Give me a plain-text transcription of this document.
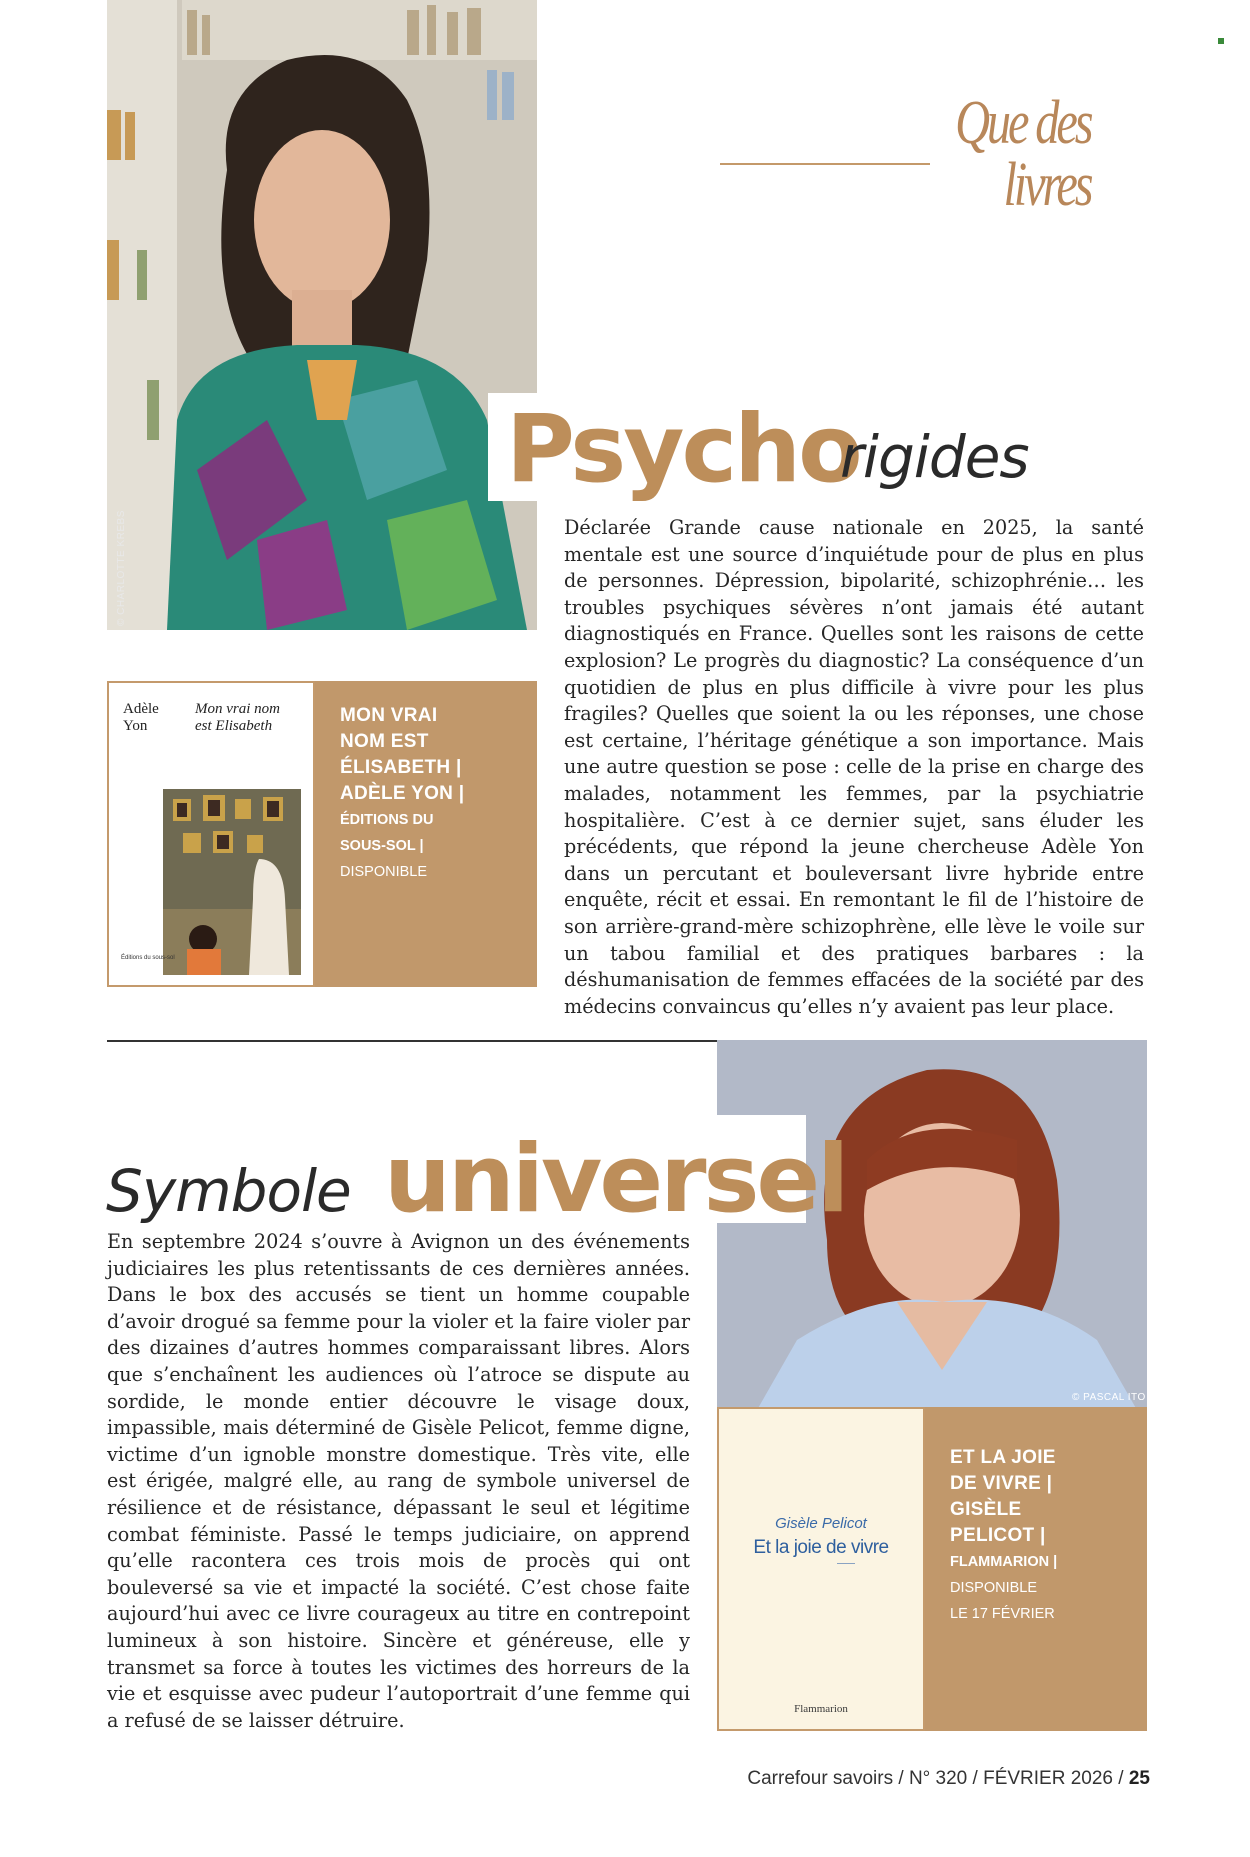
Que des livres
© CHARLOTTE KREBS
Psycho
rigides
Déclarée Grande cause nationale en 2025, la santé mentale est une source d’inquiétude pour de plus en plus de personnes. Dépression, bipolarité, schizophrénie… les troubles psychiques sévères n’ont jamais été autant diagnostiqués en France. Quelles sont les raisons de cette explosion? Le progrès du diagnostic? La conséquence d’un quotidien de plus en plus difficile à vivre pour les plus fragiles? Quelles que soient la ou les réponses, une chose est certaine, l’héritage génétique a son importance. Mais une autre question se pose : celle de la prise en charge des malades, notamment les femmes, par la psychiatrie hospitalière. C’est à ce dernier sujet, sans éluder les précédents, que répond la jeune chercheuse Adèle Yon dans un percutant et bouleversant livre hybride entre enquête, récit et essai. En remontant le fil de l’histoire de son arrière-grand-mère schizophrène, elle lève le voile sur un tabou familial et des pratiques barbares : la déshumanisation de femmes effacées de la société par des médecins convaincus qu’elles n’y avaient pas leur place.
Adèle
Yon
Mon vrai nom
est Elisabeth
Éditions du sous-sol
MON VRAI
NOM EST
ÉLISABETH |
ADÈLE YON |
ÉDITIONS DU
SOUS-SOL |
DISPONIBLE
© PASCAL ITO
Symbole universel
En septembre 2024 s’ouvre à Avignon un des événements judiciaires les plus retentissants de ces dernières années. Dans le box des accusés se tient un homme coupable d’avoir drogué sa femme pour la violer et la faire violer par des dizaines d’autres hommes comparaissant libres. Alors que s’enchaînent les audiences où l’atroce se dispute au sordide, le monde entier découvre le visage doux, impassible, mais déterminé de Gisèle Pelicot, femme digne, victime d’un ignoble monstre domestique. Très vite, elle est érigée, malgré elle, au rang de symbole universel de résilience et de résistance, dépassant le seul et légitime combat féministe. Passé le temps judiciaire, on apprend qu’elle racontera ces trois mois de procès qui ont bouleversé sa vie et impacté la société. C’est chose faite aujourd’hui avec ce livre courageux au titre en contrepoint lumineux à son histoire. Sincère et généreuse, elle y transmet sa force à toutes les victimes des horreurs de la vie et esquisse avec pudeur l’autoportrait d’une femme qui a refusé de se laisser détruire.
Gisèle Pelicot
Et la joie de vivre
Flammarion
ET LA JOIE
DE VIVRE |
GISÈLE
PELICOT |
FLAMMARION |
DISPONIBLE
LE 17 FÉVRIER
Carrefour savoirs / N° 320 / FÉVRIER 2026 / 25
